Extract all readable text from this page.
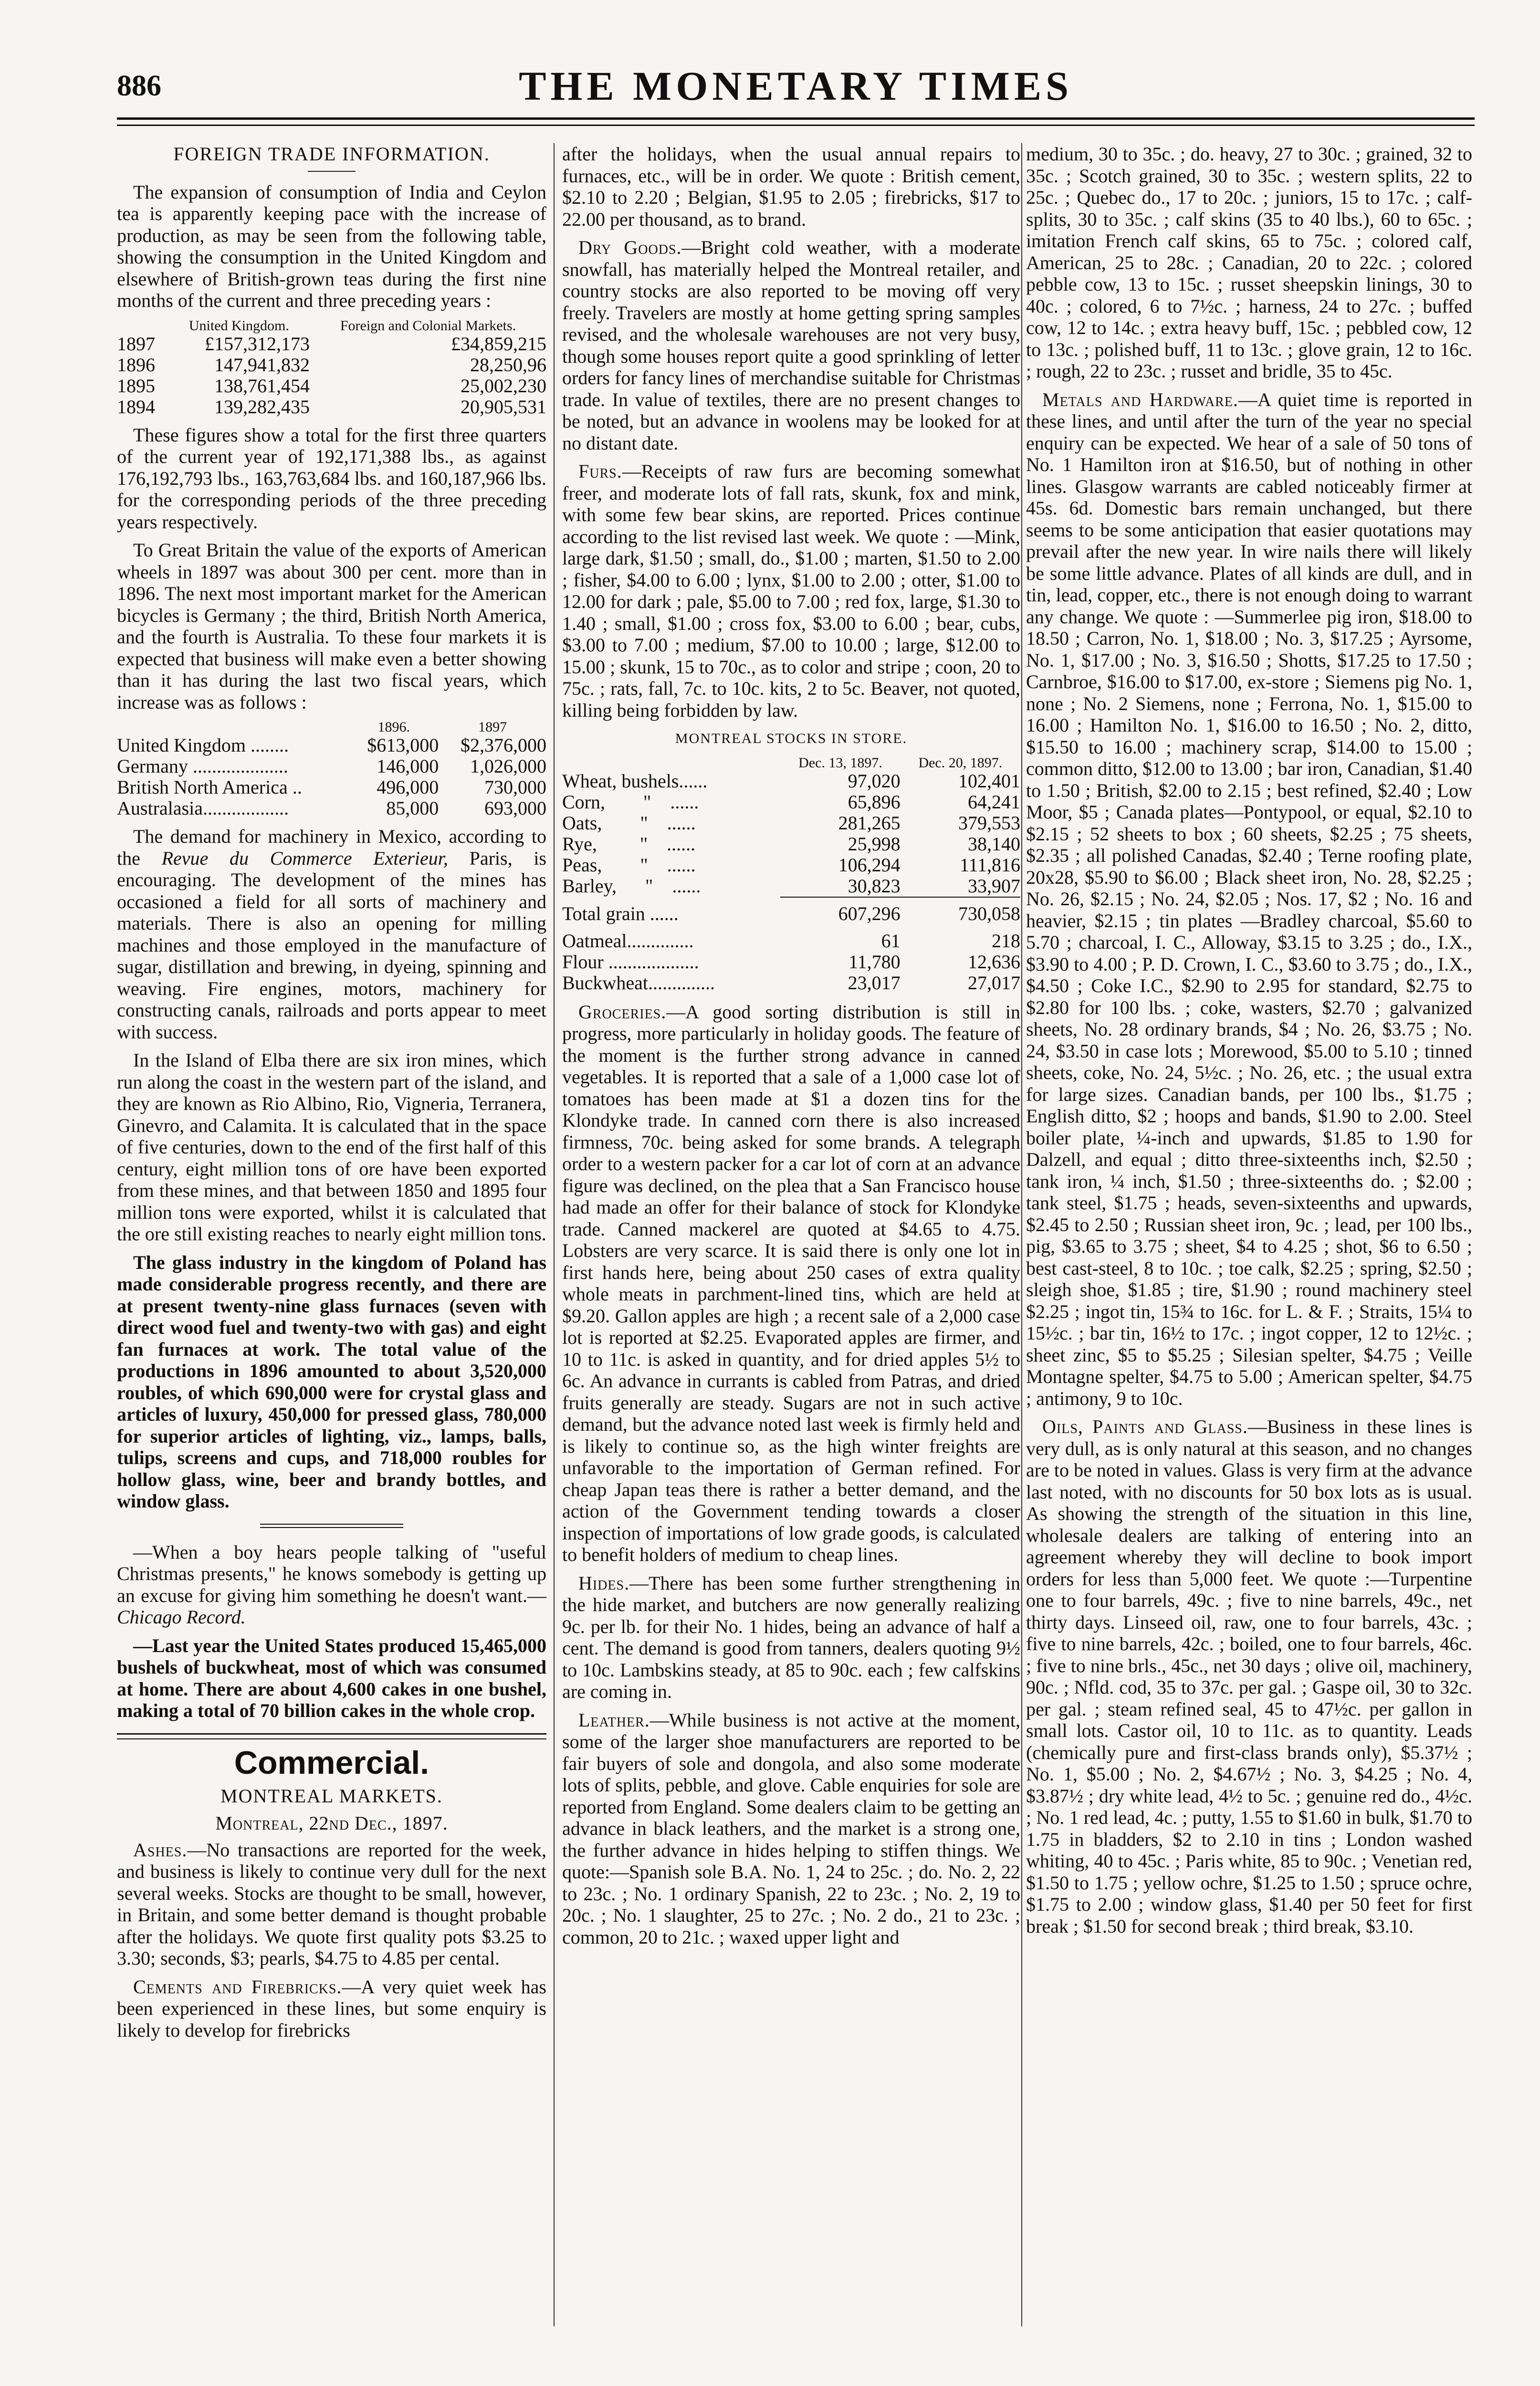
886	THE MONETARY TIMES
FOREIGN TRADE INFORMATION.

The expansion of consumption of India and Ceylon tea is apparently keeping pace with the increase of production, as may be seen from the following table, showing the consumption in the United Kingdom and elsewhere of British-grown teas during the first nine months of the current and three preceding years :

	United Kingdom.	Foreign and Colonial Markets.
1897	£157,312,173	£34,859,215
1896	147,941,832	28,250,96
1895	138,761,454	25,002,230
1894	139,282,435	20,905,531

These figures show a total for the first three quarters of the current year of 192,171,388 lbs., as against 176,192,793 lbs., 163,763,684 lbs. and 160,187,966 lbs. for the corresponding periods of the three preceding years respectively.

To Great Britain the value of the exports of American wheels in 1897 was about 300 per cent. more than in 1896. The next most important market for the American bicycles is Germany ; the third, British North America, and the fourth is Australia. To these four markets it is expected that business will make even a better showing than it has during the last two fiscal years, which increase was as follows :

	1896.	1897
United Kingdom ........	$613,000	$2,376,000
Germany ....................	146,000	1,026,000
British North America ..	496,000	730,000
Australasia..................	85,000	693,000

The demand for machinery in Mexico, according to the Revue du Commerce Exterieur, Paris, is encouraging. The development of the mines has occasioned a field for all sorts of machinery and materials. There is also an opening for milling machines and those employed in the manufacture of sugar, distillation and brewing, in dyeing, spinning and weaving. Fire engines, motors, machinery for constructing canals, railroads and ports appear to meet with success.

In the Island of Elba there are six iron mines, which run along the coast in the western part of the island, and they are known as Rio Albino, Rio, Vigneria, Terranera, Ginevro, and Calamita. It is calculated that in the space of five centuries, down to the end of the first half of this century, eight million tons of ore have been exported from these mines, and that between 1850 and 1895 four million tons were exported, whilst it is calculated that the ore still existing reaches to nearly eight million tons.

The glass industry in the kingdom of Poland has made considerable progress recently, and there are at present twenty-nine glass furnaces (seven with direct wood fuel and twenty-two with gas) and eight fan furnaces at work. The total value of the productions in 1896 amounted to about 3,520,000 roubles, of which 690,000 were for crystal glass and articles of luxury, 450,000 for pressed glass, 780,000 for superior articles of lighting, viz., lamps, balls, tulips, screens and cups, and 718,000 roubles for hollow glass, wine, beer and brandy bottles, and window glass.

—When a boy hears people talking of "useful Christmas presents," he knows somebody is getting up an excuse for giving him something he doesn't want.—Chicago Record.

—Last year the United States produced 15,465,000 bushels of buckwheat, most of which was consumed at home. There are about 4,600 cakes in one bushel, making a total of 70 billion cakes in the whole crop.

Commercial.
MONTREAL MARKETS.

Montreal, 22nd Dec., 1897.

Ashes.—No transactions are reported for the week, and business is likely to continue very dull for the next several weeks. Stocks are thought to be small, however, in Britain, and some better demand is thought probable after the holidays. We quote first quality pots $3.25 to 3.30; seconds, $3; pearls, $4.75 to 4.85 per cental.

Cements and Firebricks.—A very quiet week has been experienced in these lines, but some enquiry is likely to develop for firebricks

after the holidays, when the usual annual repairs to furnaces, etc., will be in order. We quote : British cement, $2.10 to 2.20 ; Belgian, $1.95 to 2.05 ; firebricks, $17 to 22.00 per thousand, as to brand.

Dry Goods.—Bright cold weather, with a moderate snowfall, has materially helped the Montreal retailer, and country stocks are also reported to be moving off very freely. Travelers are mostly at home getting spring samples revised, and the wholesale warehouses are not very busy, though some houses report quite a good sprinkling of letter orders for fancy lines of merchandise suitable for Christmas trade. In value of textiles, there are no present changes to be noted, but an advance in woolens may be looked for at no distant date.

Furs.—Receipts of raw furs are becoming somewhat freer, and moderate lots of fall rats, skunk, fox and mink, with some few bear skins, are reported. Prices continue according to the list revised last week. We quote : —Mink, large dark, $1.50 ; small, do., $1.00 ; marten, $1.50 to 2.00 ; fisher, $4.00 to 6.00 ; lynx, $1.00 to 2.00 ; otter, $1.00 to 12.00 for dark ; pale, $5.00 to 7.00 ; red fox, large, $1.30 to 1.40 ; small, $1.00 ; cross fox, $3.00 to 6.00 ; bear, cubs, $3.00 to 7.00 ; medium, $7.00 to 10.00 ; large, $12.00 to 15.00 ; skunk, 15 to 70c., as to color and stripe ; coon, 20 to 75c. ; rats, fall, 7c. to 10c. kits, 2 to 5c. Beaver, not quoted, killing being forbidden by law.

MONTREAL STOCKS IN STORE.
	Dec. 13, 1897.	Dec. 20, 1897.
Wheat, bushels......	97,020	102,401
Corn,        "    ......	65,896	64,241
Oats,        "    ......	281,265	379,553
Rye,         "    ......	25,998	38,140
Peas,        "    ......	106,294	111,816
Barley,      "    ......	30,823	33,907
Total grain ......	607,296	730,058
Oatmeal..............	61	218
Flour ...................	11,780	12,636
Buckwheat..............	23,017	27,017

Groceries.—A good sorting distribution is still in progress, more particularly in holiday goods. The feature of the moment is the further strong advance in canned vegetables. It is reported that a sale of a 1,000 case lot of tomatoes has been made at $1 a dozen tins for the Klondyke trade. In canned corn there is also increased firmness, 70c. being asked for some brands. A telegraph order to a western packer for a car lot of corn at an advance figure was declined, on the plea that a San Francisco house had made an offer for their balance of stock for Klondyke trade. Canned mackerel are quoted at $4.65 to 4.75. Lobsters are very scarce. It is said there is only one lot in first hands here, being about 250 cases of extra quality whole meats in parchment-lined tins, which are held at $9.20. Gallon apples are high ; a recent sale of a 2,000 case lot is reported at $2.25. Evaporated apples are firmer, and 10 to 11c. is asked in quantity, and for dried apples 5½ to 6c. An advance in currants is cabled from Patras, and dried fruits generally are steady. Sugars are not in such active demand, but the advance noted last week is firmly held and is likely to continue so, as the high winter freights are unfavorable to the importation of German refined. For cheap Japan teas there is rather a better demand, and the action of the Government tending towards a closer inspection of importations of low grade goods, is calculated to benefit holders of medium to cheap lines.

Hides.—There has been some further strengthening in the hide market, and butchers are now generally realizing 9c. per lb. for their No. 1 hides, being an advance of half a cent. The demand is good from tanners, dealers quoting 9½ to 10c. Lambskins steady, at 85 to 90c. each ; few calfskins are coming in.

Leather.—While business is not active at the moment, some of the larger shoe manufacturers are reported to be fair buyers of sole and dongola, and also some moderate lots of splits, pebble, and glove. Cable enquiries for sole are reported from England. Some dealers claim to be getting an advance in black leathers, and the market is a strong one, the further advance in hides helping to stiffen things. We quote:—Spanish sole B.A. No. 1, 24 to 25c. ; do. No. 2, 22 to 23c. ; No. 1 ordinary Spanish, 22 to 23c. ; No. 2, 19 to 20c. ; No. 1 slaughter, 25 to 27c. ; No. 2 do., 21 to 23c. ; common, 20 to 21c. ; waxed upper light and

medium, 30 to 35c. ; do. heavy, 27 to 30c. ; grained, 32 to 35c. ; Scotch grained, 30 to 35c. ; western splits, 22 to 25c. ; Quebec do., 17 to 20c. ; juniors, 15 to 17c. ; calf-splits, 30 to 35c. ; calf skins (35 to 40 lbs.), 60 to 65c. ; imitation French calf skins, 65 to 75c. ; colored calf, American, 25 to 28c. ; Canadian, 20 to 22c. ; colored pebble cow, 13 to 15c. ; russet sheepskin linings, 30 to 40c. ; colored, 6 to 7½c. ; harness, 24 to 27c. ; buffed cow, 12 to 14c. ; extra heavy buff, 15c. ; pebbled cow, 12 to 13c. ; polished buff, 11 to 13c. ; glove grain, 12 to 16c. ; rough, 22 to 23c. ; russet and bridle, 35 to 45c.

Metals and Hardware.—A quiet time is reported in these lines, and until after the turn of the year no special enquiry can be expected. We hear of a sale of 50 tons of No. 1 Hamilton iron at $16.50, but of nothing in other lines. Glasgow warrants are cabled noticeably firmer at 45s. 6d. Domestic bars remain unchanged, but there seems to be some anticipation that easier quotations may prevail after the new year. In wire nails there will likely be some little advance. Plates of all kinds are dull, and in tin, lead, copper, etc., there is not enough doing to warrant any change. We quote : —Summerlee pig iron, $18.00 to 18.50 ; Carron, No. 1, $18.00 ; No. 3, $17.25 ; Ayrsome, No. 1, $17.00 ; No. 3, $16.50 ; Shotts, $17.25 to 17.50 ; Carnbroe, $16.00 to $17.00, ex-store ; Siemens pig No. 1, none ; No. 2 Siemens, none ; Ferrona, No. 1, $15.00 to 16.00 ; Hamilton No. 1, $16.00 to 16.50 ; No. 2, ditto, $15.50 to 16.00 ; machinery scrap, $14.00 to 15.00 ; common ditto, $12.00 to 13.00 ; bar iron, Canadian, $1.40 to 1.50 ; British, $2.00 to 2.15 ; best refined, $2.40 ; Low Moor, $5 ; Canada plates—Pontypool, or equal, $2.10 to $2.15 ; 52 sheets to box ; 60 sheets, $2.25 ; 75 sheets, $2.35 ; all polished Canadas, $2.40 ; Terne roofing plate, 20x28, $5.90 to $6.00 ; Black sheet iron, No. 28, $2.25 ; No. 26, $2.15 ; No. 24, $2.05 ; Nos. 17, $2 ; No. 16 and heavier, $2.15 ; tin plates —Bradley charcoal, $5.60 to 5.70 ; charcoal, I. C., Alloway, $3.15 to 3.25 ; do., I.X., $3.90 to 4.00 ; P. D. Crown, I. C., $3.60 to 3.75 ; do., I.X., $4.50 ; Coke I.C., $2.90 to 2.95 for standard, $2.75 to $2.80 for 100 lbs. ; coke, wasters, $2.70 ; galvanized sheets, No. 28 ordinary brands, $4 ; No. 26, $3.75 ; No. 24, $3.50 in case lots ; Morewood, $5.00 to 5.10 ; tinned sheets, coke, No. 24, 5½c. ; No. 26, etc. ; the usual extra for large sizes. Canadian bands, per 100 lbs., $1.75 ; English ditto, $2 ; hoops and bands, $1.90 to 2.00. Steel boiler plate, ¼-inch and upwards, $1.85 to 1.90 for Dalzell, and equal ; ditto three-sixteenths inch, $2.50 ; tank iron, ¼ inch, $1.50 ; three-sixteenths do. ; $2.00 ; tank steel, $1.75 ; heads, seven-sixteenths and upwards, $2.45 to 2.50 ; Russian sheet iron, 9c. ; lead, per 100 lbs., pig, $3.65 to 3.75 ; sheet, $4 to 4.25 ; shot, $6 to 6.50 ; best cast-steel, 8 to 10c. ; toe calk, $2.25 ; spring, $2.50 ; sleigh shoe, $1.85 ; tire, $1.90 ; round machinery steel $2.25 ; ingot tin, 15¾ to 16c. for L. & F. ; Straits, 15¼ to 15½c. ; bar tin, 16½ to 17c. ; ingot copper, 12 to 12½c. ; sheet zinc, $5 to $5.25 ; Silesian spelter, $4.75 ; Veille Montagne spelter, $4.75 to 5.00 ; American spelter, $4.75 ; antimony, 9 to 10c.

Oils, Paints and Glass.—Business in these lines is very dull, as is only natural at this season, and no changes are to be noted in values. Glass is very firm at the advance last noted, with no discounts for 50 box lots as is usual. As showing the strength of the situation in this line, wholesale dealers are talking of entering into an agreement whereby they will decline to book import orders for less than 5,000 feet. We quote :—Turpentine one to four barrels, 49c. ; five to nine barrels, 49c., net thirty days. Linseed oil, raw, one to four barrels, 43c. ; five to nine barrels, 42c. ; boiled, one to four barrels, 46c. ; five to nine brls., 45c., net 30 days ; olive oil, machinery, 90c. ; Nfld. cod, 35 to 37c. per gal. ; Gaspe oil, 30 to 32c. per gal. ; steam refined seal, 45 to 47½c. per gallon in small lots. Castor oil, 10 to 11c. as to quantity. Leads (chemically pure and first-class brands only), $5.37½ ; No. 1, $5.00 ; No. 2, $4.67½ ; No. 3, $4.25 ; No. 4, $3.87½ ; dry white lead, 4½ to 5c. ; genuine red do., 4½c. ; No. 1 red lead, 4c. ; putty, 1.55 to $1.60 in bulk, $1.70 to 1.75 in bladders, $2 to 2.10 in tins ; London washed whiting, 40 to 45c. ; Paris white, 85 to 90c. ; Venetian red, $1.50 to 1.75 ; yellow ochre, $1.25 to 1.50 ; spruce ochre, $1.75 to 2.00 ; window glass, $1.40 per 50 feet for first break ; $1.50 for second break ; third break, $3.10.
